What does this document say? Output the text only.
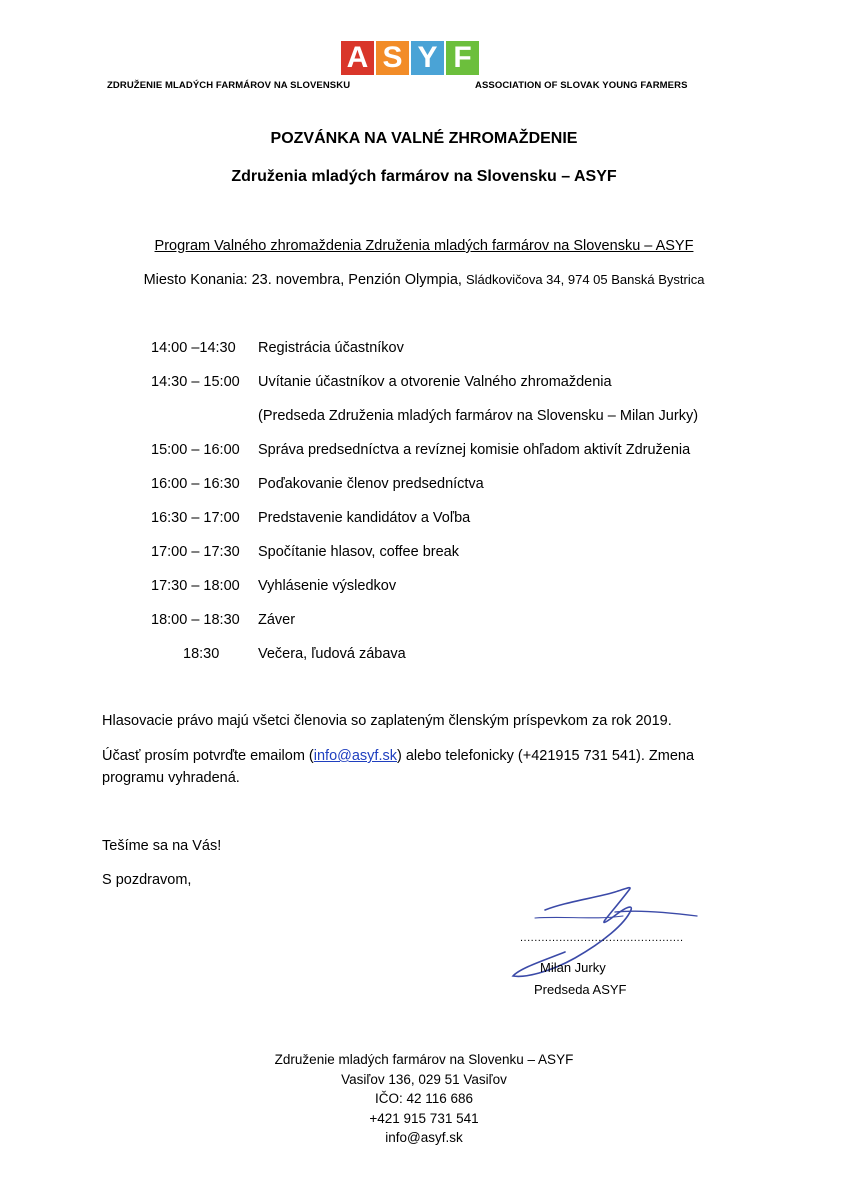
A S Y F
ZDRUŽENIE MLADÝCH FARMÁROV NA SLOVENSKU	ASSOCIATION OF SLOVAK YOUNG FARMERS
POZVÁNKA NA VALNÉ ZHROMAŽDENIE
Združenia mladých farmárov na Slovensku – ASYF
Program Valného zhromaždenia Združenia mladých farmárov na Slovensku – ASYF
Miesto Konania: 23. novembra, Penzión Olympia, Sládkovičova 34, 974 05 Banská Bystrica
14:00 –14:30 Registrácia účastníkov
14:30 – 15:00 Uvítanie účastníkov a otvorenie Valného zhromaždenia
(Predseda Združenia mladých farmárov na Slovensku – Milan Jurky)
15:00 – 16:00 Správa predsedníctva a revíznej komisie ohľadom aktivít Združenia
16:00 – 16:30 Poďakovanie členov predsedníctva
16:30 – 17:00 Predstavenie kandidátov a Voľba
17:00 – 17:30 Spočítanie hlasov, coffee break
17:30 – 18:00 Vyhlásenie výsledkov
18:00 – 18:30 Záver
18:30	Večera, ľudová zábava
Hlasovacie právo majú všetci členovia so zaplateným členským príspevkom za rok 2019.
Účasť prosím potvrďte emailom (info@asyf.sk) alebo telefonicky (+421915 731 541). Zmena programu vyhradená.
Tešíme sa na Vás!
S pozdravom,
..............................................
Milan Jurky
Predseda ASYF
Združenie mladých farmárov na Slovenku – ASYF
Vasiľov 136, 029 51 Vasiľov
IČO: 42 116 686
+421 915 731 541
info@asyf.sk
